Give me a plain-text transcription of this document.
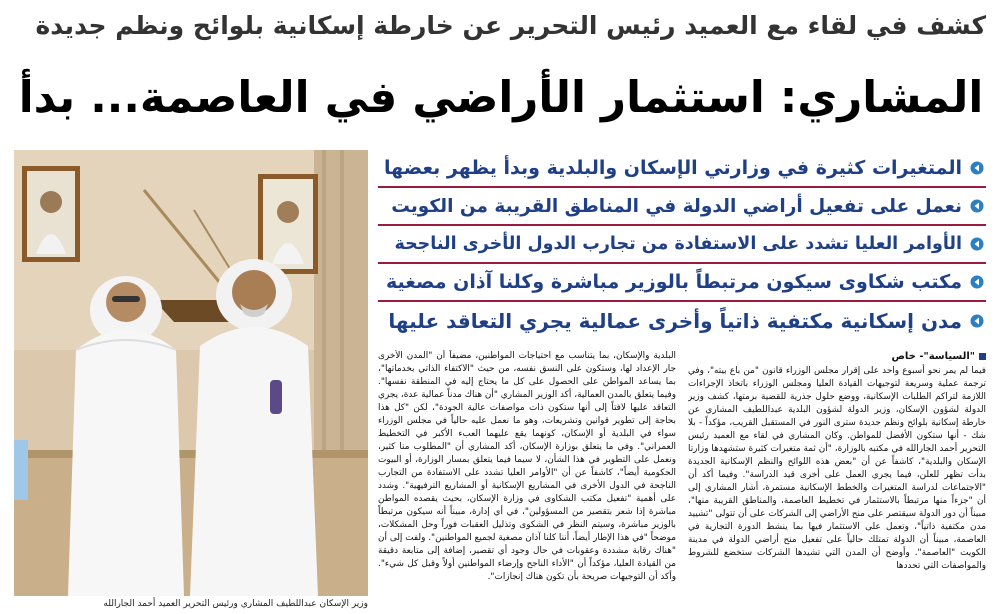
كشف في لقاء مع العميد رئيس التحرير عن خارطة إسكانية بلوائح ونظم جديدة
المشاري: استثمار الأراضي في العاصمة... بدأ
وزير الإسكان عبداللطيف المشاري ورئيس التحرير العميد أحمد الجارالله
المتغيرات كثيرة في وزارتي الإسكان والبلدية وبدأ يظهر بعضها
نعمل على تفعيل أراضي الدولة في المناطق القريبة من الكويت
الأوامر العليا تشدد على الاستفادة من تجارب الدول الأخرى الناجحة
مكتب شكاوى سيكون مرتبطاً بالوزير مباشرة وكلنا آذان مصغية
مدن إسكانية مكتفية ذاتياً وأخرى عمالية يجري التعاقد عليها
"السياسة"- خاص

فيما لم يمر نحو أسبوع واحد على إقرار مجلس الوزراء قانون "من باع بيته"، وفي ترجمة عملية وسريعة لتوجيهات القيادة العليا ومجلس الوزراء باتخاذ الإجراءات اللازمة لتراكم الطلبات الإسكانية، ووضع حلول جذرية للقضية برمتها، كشف وزير الدولة لشؤون الإسكان، وزير الدولة لشؤون البلدية عبداللطيف المشاري عن خارطة إسكانية بلوائح ونظم جديدة سترى النور في المستقبل القريب، مؤكداً - بلا شك - أنها ستكون الأفضل للمواطن. وكان المشاري في لقاء مع العميد رئيس التحرير أحمد الجارالله في مكتبه بالوزارة، "أن ثمة متغيرات كثيرة ستشهدها وزارتا الإسكان والبلدية"، كاشفاً عن أن "بعض هذه اللوائح والنظم الإسكانية الجديدة بدأت تظهر للعلن، فيما يجري العمل على أخرى قيد الدراسة". وفيما أكد أن "الاجتماعات لدراسة المتغيرات والخطط الإسكانية مستمرة، أشار المشاري إلى أن "جزءاً منها مرتبطاً بالاستثمار في تخطيط العاصمة، والمناطق القريبة منها"، مبيناً أن دور الدولة سيقتصر على منح الأراضي إلى الشركات على أن تتولى "تشييد مدن مكتفية ذاتياً"، وتعمل على الاستثمار فيها بما ينشط الدورة التجارية في العاصمة، مبيناً أن الدولة تمتلك حالياً على تفعيل منح أراضي الدولة في مدينة الكويت "العاصمة". وأوضح أن المدن التي تشيدها الشركات ستخضع للشروط والمواصفات التي تحددها

البلدية والإسكان، بما يتناسب مع احتياجات المواطنين، مضيفاً أن "المدن الأخرى جار الإعداد لها، وستكون على النسق نفسه، من حيث "الاكتفاء الذاتي بخدماتها"، بما يساعد المواطن على الحصول على كل ما يحتاج إليه في المنطقة نفسها". وفيما يتعلق بالمدن العمالية، أكد الوزير المشاري "أن هناك مدناً عمالية عدة، يجري التعاقد عليها لافتاً إلى أنها ستكون ذات مواصفات عالية الجودة"، لكن "كل هذا بحاجة إلى تطوير قوانين وتشريعات، وهو ما نعمل عليه حالياً في مجلس الوزراء سواء في البلدية أو الإسكان، كونهما يقع عليهما العبء الأكبر في التخطيط العمراني". وفي ما يتعلق بوزارة الإسكان، أكد المشاري أن "المطلوب منا كثير، ونعمل على التطوير في هذا الشأن، لا سيما فيما يتعلق بمسار الوزارة، أو البيوت الحكومية أيضاً"، كاشفاً عن أن "الأوامر العليا تشدد على الاستفادة من التجارب الناجحة في الدول الأخرى في المشاريع الإسكانية أو المشاريع الترفيهية". وشدد على أهمية "تفعيل مكتب الشكاوى في وزارة الإسكان، بحيث يقصده المواطن مباشرة إذا شعر بتقصير من المسؤولين"، في أي إدارة، مبيناً أنه سيكون مرتبطاً بالوزير مباشرة، وسيتم النظر في الشكوى وتذليل العقبات فوراً وحل المشكلات، موضحاً "في هذا الإطار أيضاً، أننا كلنا آذان مصغية لجميع المواطنين". ولفت إلى أن "هناك رقابة مشددة وعقوبات في حال وجود أي تقصير، إضافة إلى متابعة دقيقة من القيادة العليا، مؤكداً أن "الأداء الناجح وإرضاء المواطنين أولاً وقبل كل شيء". وأكد أن التوجيهات صريحة بأن تكون هناك إنجازات".
